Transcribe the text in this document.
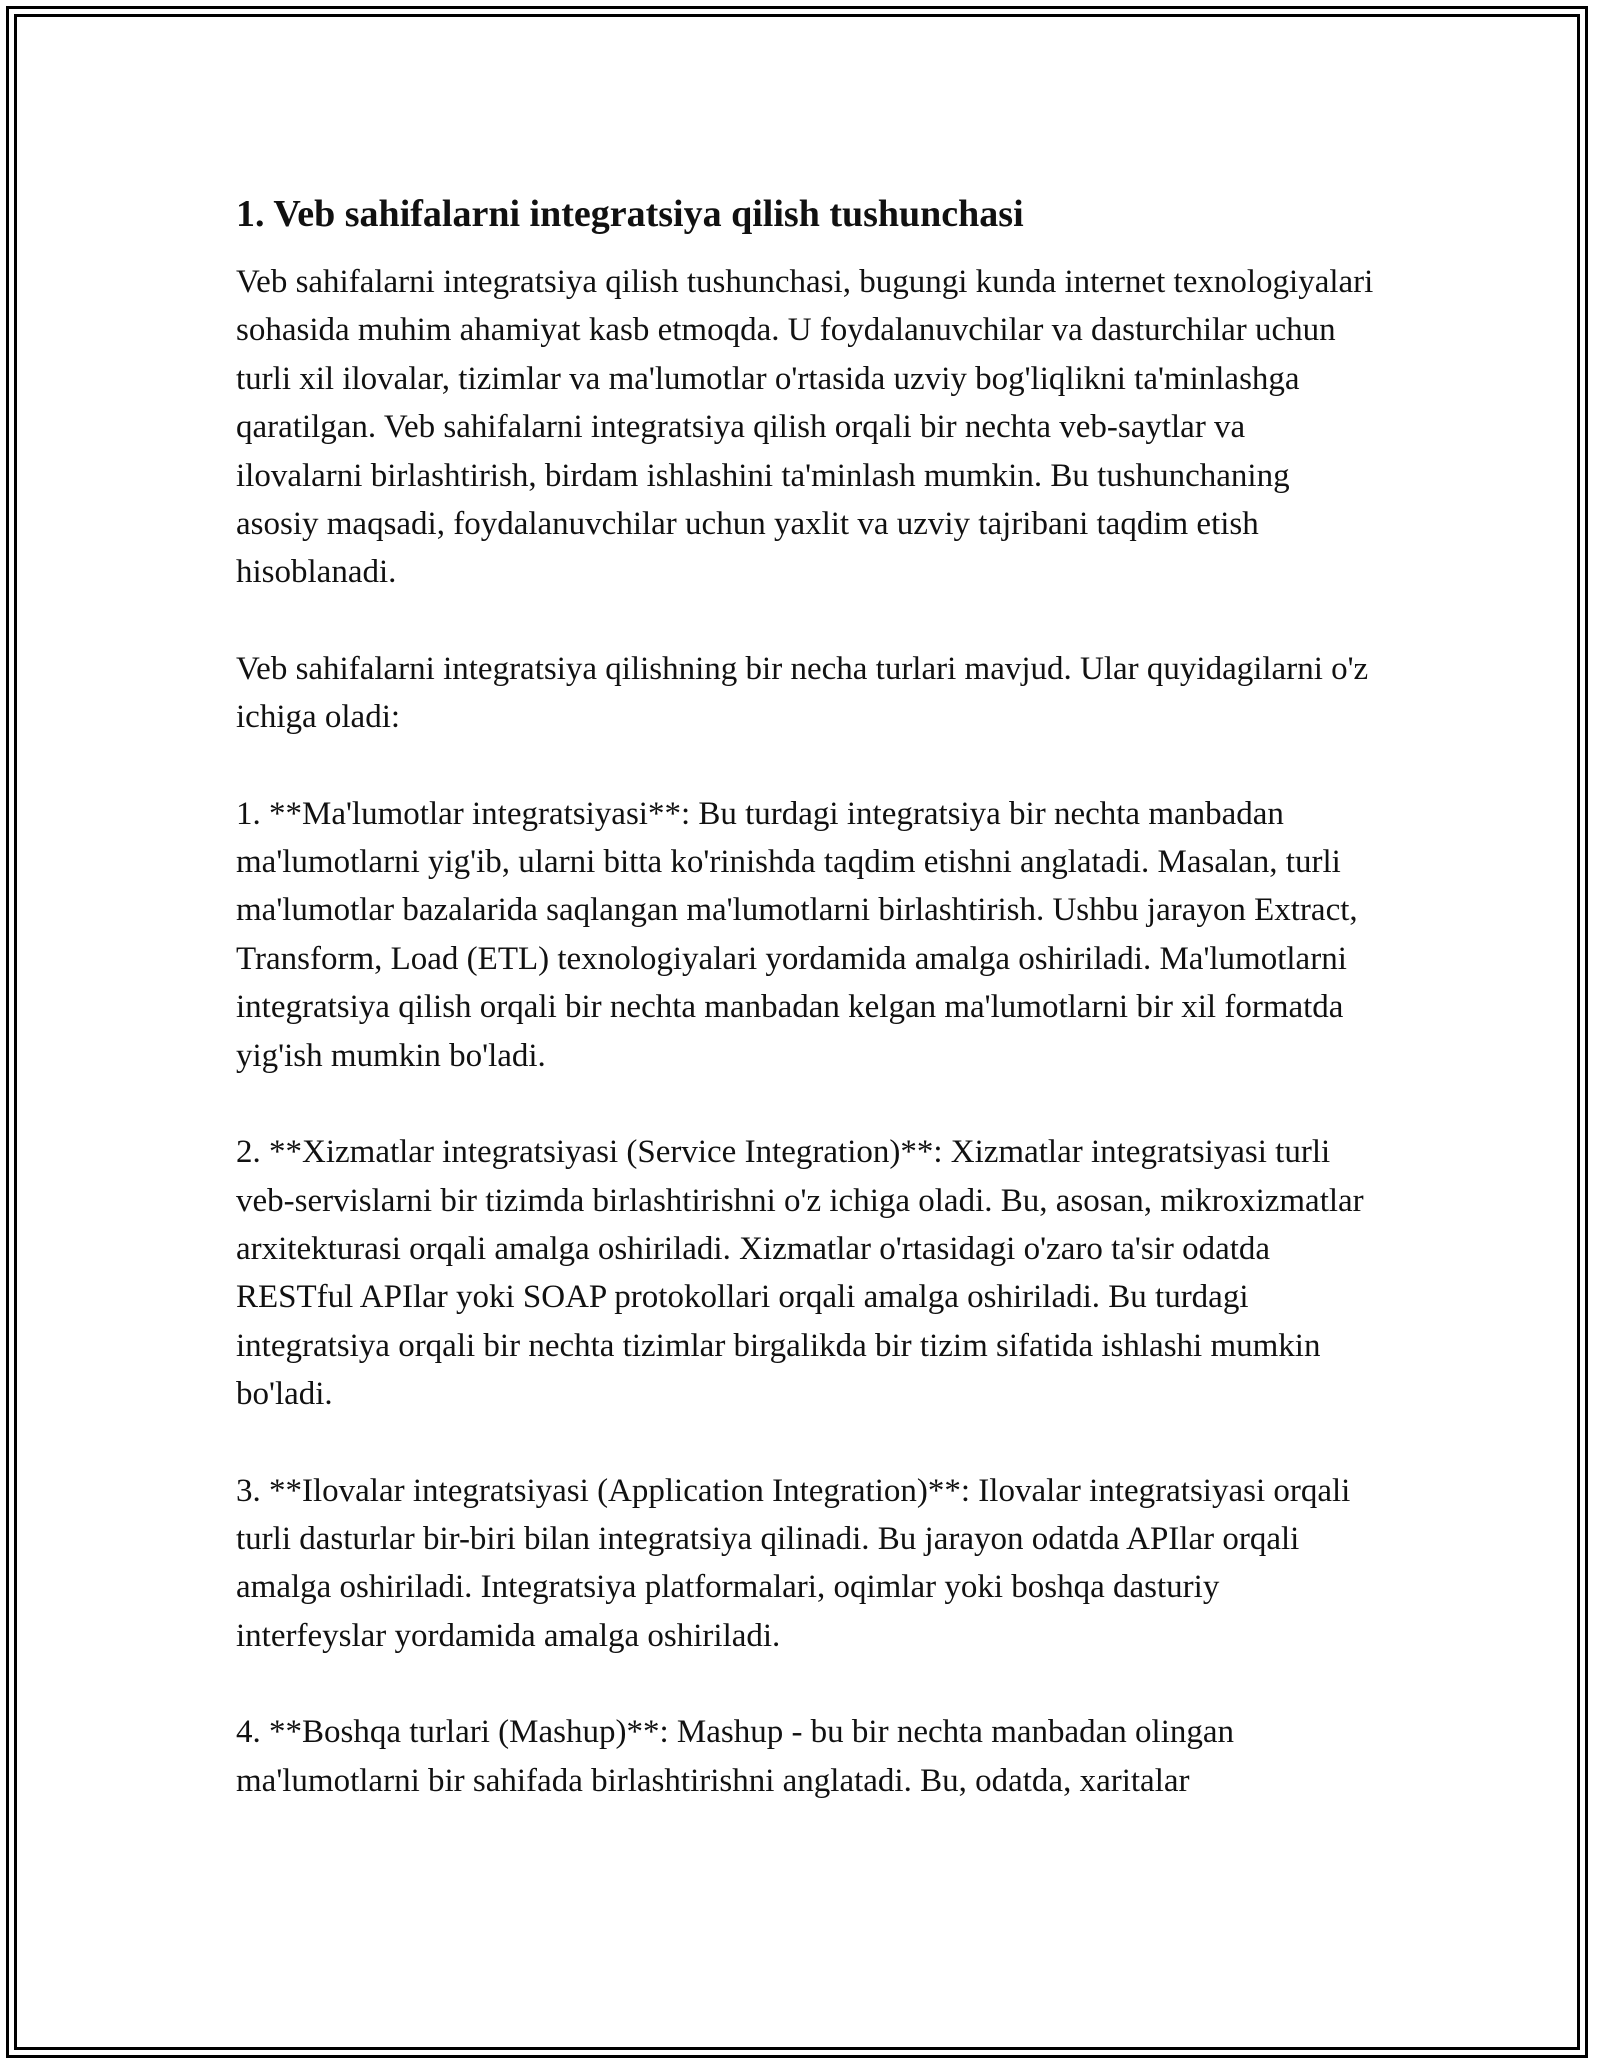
1. Veb sahifalarni integratsiya qilish tushunchasi

Veb sahifalarni integratsiya qilish tushunchasi, bugungi kunda internet texnologiyalari sohasida muhim ahamiyat kasb etmoqda. U foydalanuvchilar va dasturchilar uchun turli xil ilovalar, tizimlar va ma'lumotlar o'rtasida uzviy bog'liqlikni ta'minlashga qaratilgan. Veb sahifalarni integratsiya qilish orqali bir nechta veb-saytlar va ilovalarni birlashtirish, birdam ishlashini ta'minlash mumkin. Bu tushunchaning asosiy maqsadi, foydalanuvchilar uchun yaxlit va uzviy tajribani taqdim etish hisoblanadi.

Veb sahifalarni integratsiya qilishning bir necha turlari mavjud. Ular quyidagilarni o'z ichiga oladi:

1. **Ma'lumotlar integratsiyasi**: Bu turdagi integratsiya bir nechta manbadan ma'lumotlarni yig'ib, ularni bitta ko'rinishda taqdim etishni anglatadi. Masalan, turli ma'lumotlar bazalarida saqlangan ma'lumotlarni birlashtirish. Ushbu jarayon Extract, Transform, Load (ETL) texnologiyalari yordamida amalga oshiriladi. Ma'lumotlarni integratsiya qilish orqali bir nechta manbadan kelgan ma'lumotlarni bir xil formatda yig'ish mumkin bo'ladi.

2. **Xizmatlar integratsiyasi (Service Integration)**: Xizmatlar integratsiyasi turli veb-servislarni bir tizimda birlashtirishni o'z ichiga oladi. Bu, asosan, mikroxizmatlar arxitekturasi orqali amalga oshiriladi. Xizmatlar o'rtasidagi o'zaro ta'sir odatda RESTful APIlar yoki SOAP protokollari orqali amalga oshiriladi. Bu turdagi integratsiya orqali bir nechta tizimlar birgalikda bir tizim sifatida ishlashi mumkin bo'ladi.

3. **Ilovalar integratsiyasi (Application Integration)**: Ilovalar integratsiyasi orqali turli dasturlar bir-biri bilan integratsiya qilinadi. Bu jarayon odatda APIlar orqali amalga oshiriladi. Integratsiya platformalari, oqimlar yoki boshqa dasturiy interfeyslar yordamida amalga oshiriladi.

4. **Boshqa turlari (Mashup)**: Mashup - bu bir nechta manbadan olingan ma'lumotlarni bir sahifada birlashtirishni anglatadi. Bu, odatda, xaritalar
